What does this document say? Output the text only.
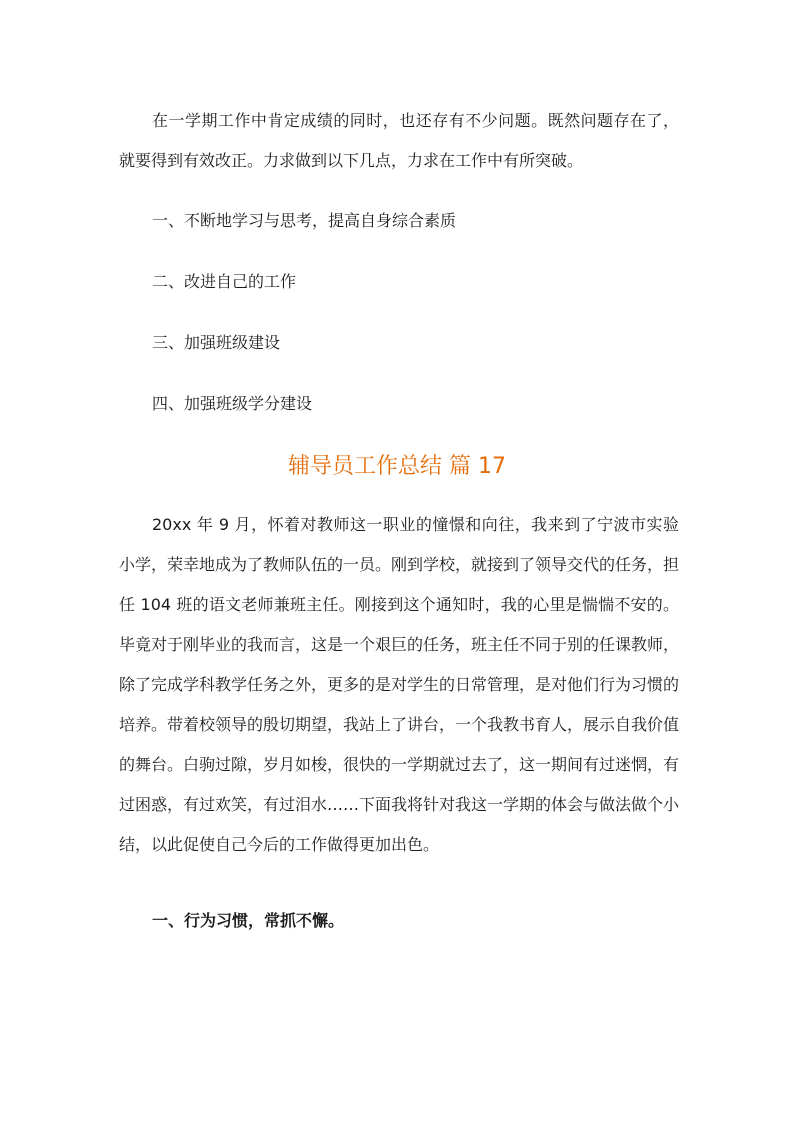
在一学期工作中肯定成绩的同时，也还存有不少问题。既然问题存在了，就要得到有效改正。力求做到以下几点，力求在工作中有所突破。

一、不断地学习与思考，提高自身综合素质

二、改进自己的工作

三、加强班级建设

四、加强班级学分建设

辅导员工作总结 篇 17

20xx 年 9 月，怀着对教师这一职业的憧憬和向往，我来到了宁波市实验小学，荣幸地成为了教师队伍的一员。刚到学校，就接到了领导交代的任务，担任 104 班的语文老师兼班主任。刚接到这个通知时，我的心里是惴惴不安的。毕竟对于刚毕业的我而言，这是一个艰巨的任务，班主任不同于别的任课教师，除了完成学科教学任务之外，更多的是对学生的日常管理，是对他们行为习惯的培养。带着校领导的殷切期望，我站上了讲台，一个我教书育人，展示自我价值的舞台。白驹过隙，岁月如梭，很快的一学期就过去了，这一期间有过迷惘，有过困惑，有过欢笑，有过泪水……下面我将针对我这一学期的体会与做法做个小结，以此促使自己今后的工作做得更加出色。

一、行为习惯，常抓不懈。
